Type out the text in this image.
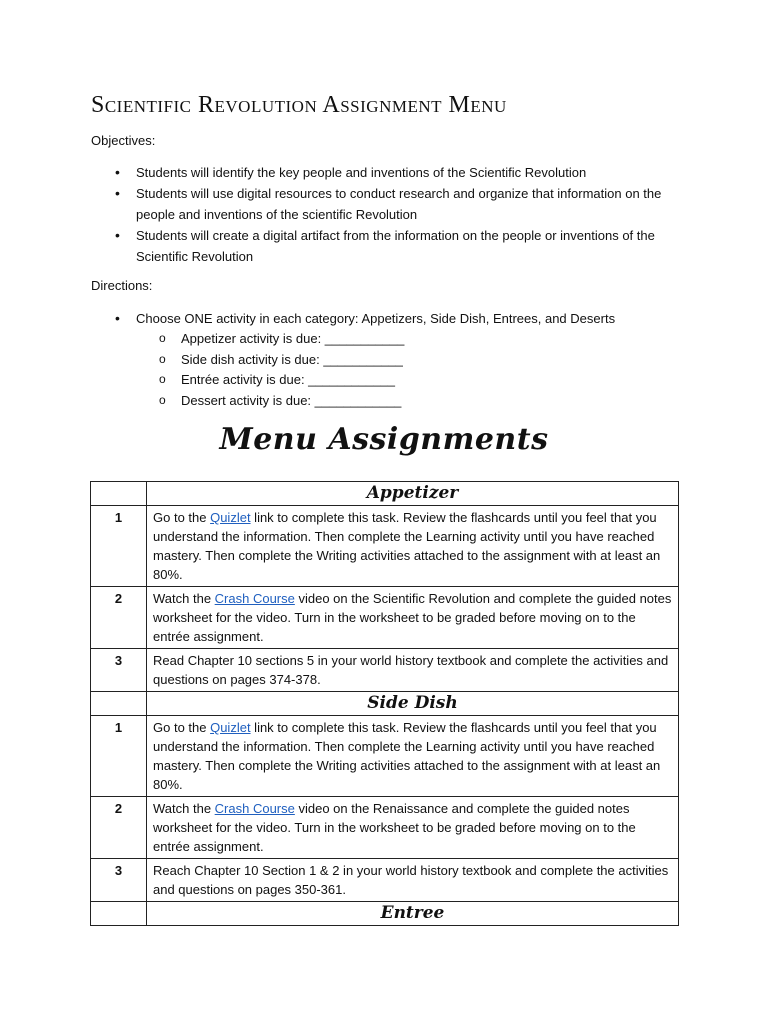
Scientific Revolution Assignment Menu
Objectives:
• Students will identify the key people and inventions of the Scientific Revolution
• Students will use digital resources to conduct research and organize that information on the people and inventions of the scientific Revolution
• Students will create a digital artifact from the information on the people or inventions of the Scientific Revolution
Directions:
• Choose ONE activity in each category: Appetizers, Side Dish, Entrees, and Deserts
o Appetizer activity is due: ___________
o Side dish activity is due: ___________
o Entrée activity is due: ____________
o Dessert activity is due: ____________
Menu Assignments
	Appetizer
1	Go to the Quizlet link to complete this task. Review the flashcards until you feel that you understand the information. Then complete the Learning activity until you have reached mastery. Then complete the Writing activities attached to the assignment with at least an 80%.
2	Watch the Crash Course video on the Scientific Revolution and complete the guided notes worksheet for the video. Turn in the worksheet to be graded before moving on to the entrée assignment.
3	Read Chapter 10 sections 5 in your world history textbook and complete the activities and questions on pages 374-378.
	Side Dish
1	Go to the Quizlet link to complete this task. Review the flashcards until you feel that you understand the information. Then complete the Learning activity until you have reached mastery. Then complete the Writing activities attached to the assignment with at least an 80%.
2	Watch the Crash Course video on the Renaissance and complete the guided notes worksheet for the video. Turn in the worksheet to be graded before moving on to the entrée assignment.
3	Reach Chapter 10 Section 1 & 2 in your world history textbook and complete the activities and questions on pages 350-361.
	Entree
